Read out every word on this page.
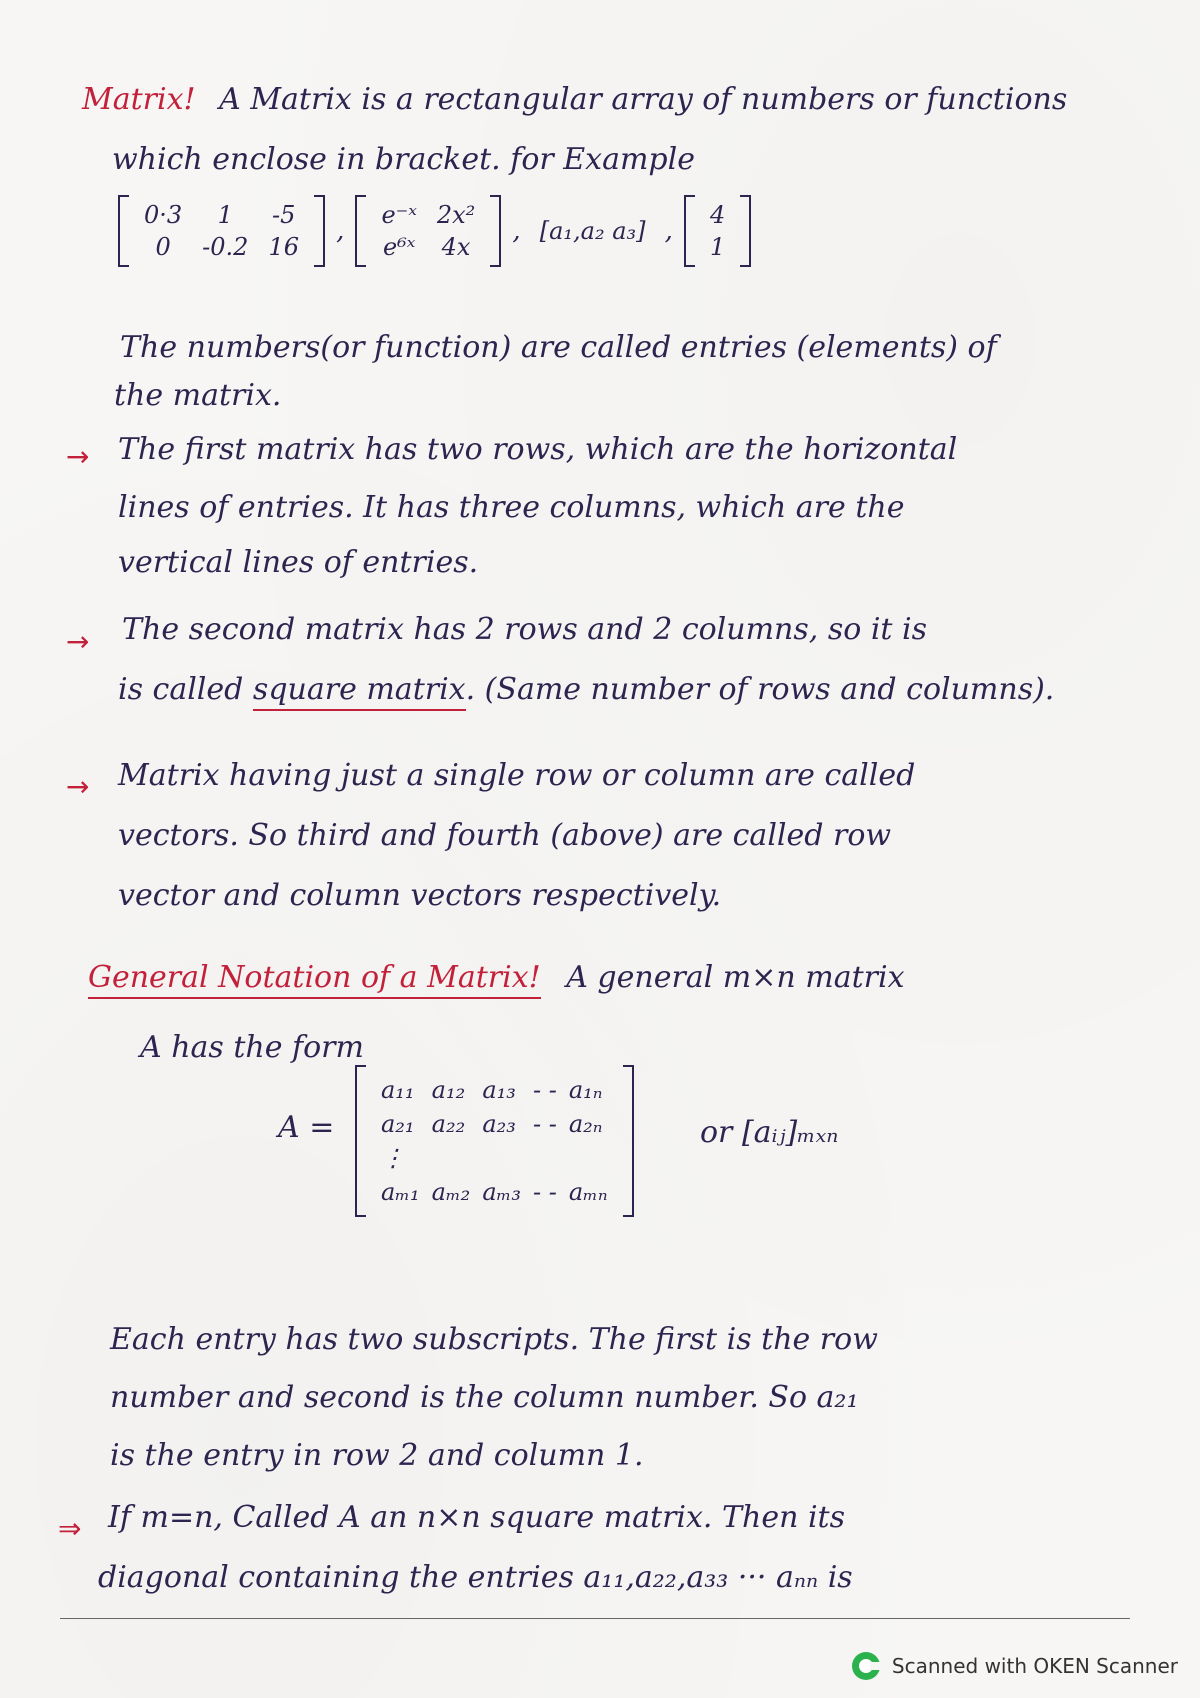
Matrix! A Matrix is a rectangular array of numbers or functions
which enclose in bracket. for Example
0·3	1	-5
0	-0.2	16
,
e⁻ˣ	2x²
e⁶ˣ	4x
, [a₁,a₂ a₃] ,
4
1
The numbers(or function) are called entries (elements) of
the matrix.
→ The first matrix has two rows, which are the horizontal
lines of entries. It has three columns, which are the
vertical lines of entries.
→ The second matrix has 2 rows and 2 columns, so it is
is called square matrix. (Same number of rows and columns).
→ Matrix having just a single row or column are called
vectors. So third and fourth (above) are called row
vector and column vectors respectively.
General Notation of a Matrix! A general m×n matrix
A has the form
A =
a₁₁	a₁₂	a₁₃	- -	a₁ₙ
a₂₁	a₂₂	a₂₃	- -	a₂ₙ
⋮				
aₘ₁	aₘ₂	aₘ₃	- -	aₘₙ
or [aᵢⱼ]ₘₓₙ
Each entry has two subscripts. The first is the row
number and second is the column number. So a₂₁
is the entry in row 2 and column 1.
⇒ If m=n, Called A an n×n square matrix. Then its
diagonal containing the entries a₁₁,a₂₂,a₃₃ ··· aₙₙ is
Scanned with OKEN Scanner
